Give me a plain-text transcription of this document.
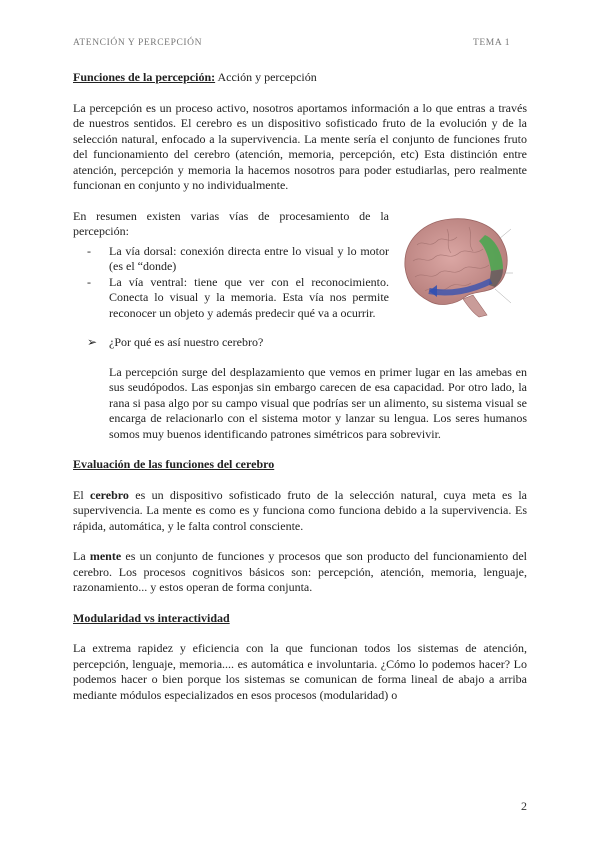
ATENCIÓN Y PERCEPCIÓN	TEMA 1

Funciones de la percepción: Acción y percepción

La percepción es un proceso activo, nosotros aportamos información a lo que entras a través de nuestros sentidos. El cerebro es un dispositivo sofisticado fruto de la evolución y de la selección natural, enfocado a la supervivencia. La mente sería el conjunto de funciones fruto del funcionamiento del cerebro (atención, memoria, percepción, etc) Esta distinción entre atención, percepción y memoria la hacemos nosotros para poder estudiarlas, pero realmente funcionan en conjunto y no individualmente.

En resumen existen varias vías de procesamiento de la percepción:

- La vía dorsal: conexión directa entre lo visual y lo motor (es el “donde)
- La vía ventral: tiene que ver con el reconocimiento. Conecta lo visual y la memoria. Esta vía nos permite reconocer un objeto y además predecir qué va a ocurrir.
➢ ¿Por qué es así nuestro cerebro?

La percepción surge del desplazamiento que vemos en primer lugar en las amebas en sus seudópodos. Las esponjas sin embargo carecen de esa capacidad. Por otro lado, la rana si pasa algo por su campo visual que podrías ser un alimento, su sistema visual se encarga de relacionarlo con el sistema motor y lanzar su lengua. Los seres humanos somos muy buenos identificando patrones simétricos para sobrevivir.

Evaluación de las funciones del cerebro

El cerebro es un dispositivo sofisticado fruto de la selección natural, cuya meta es la supervivencia. La mente es como es y funciona como funciona debido a la supervivencia. Es rápida, automática, y le falta control consciente.

La mente es un conjunto de funciones y procesos que son producto del funcionamiento del cerebro. Los procesos cognitivos básicos son: percepción, atención, memoria, lenguaje, razonamiento... y estos operan de forma conjunta.

Modularidad vs interactividad

La extrema rapidez y eficiencia con la que funcionan todos los sistemas de atención, percepción, lenguaje, memoria.... es automática e involuntaria. ¿Cómo lo podemos hacer? Lo podemos hacer o bien porque los sistemas se comunican de forma lineal de abajo a arriba mediante módulos especializados en esos procesos (modularidad) o

2
